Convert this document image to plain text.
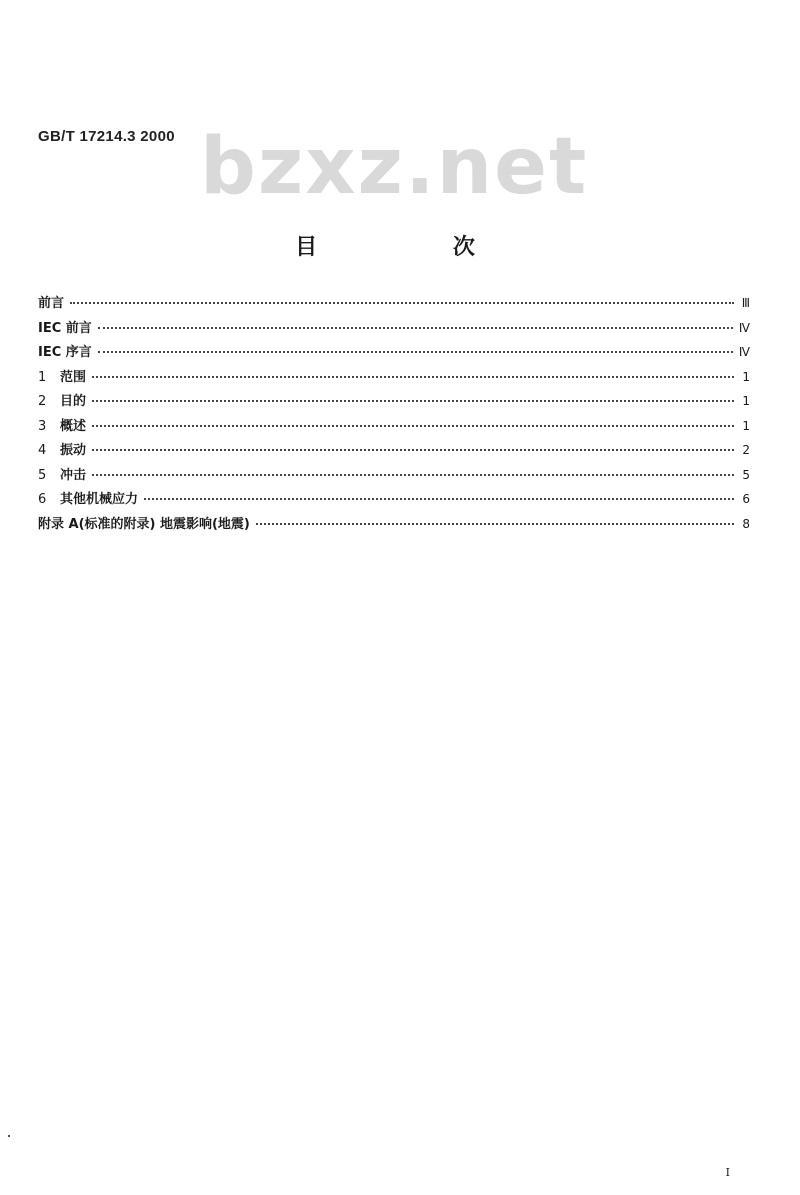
GB/T 17214.3 2000 bzxz.net
目 次
前言	Ⅲ
IEC 前言	Ⅳ
IEC 序言	Ⅳ
1	范围	1
2	目的	1
3	概述	1
4	振动	2
5	冲击	5
6	其他机械应力	6
附录 A(标准的附录) 地震影响(地震)	8
I
